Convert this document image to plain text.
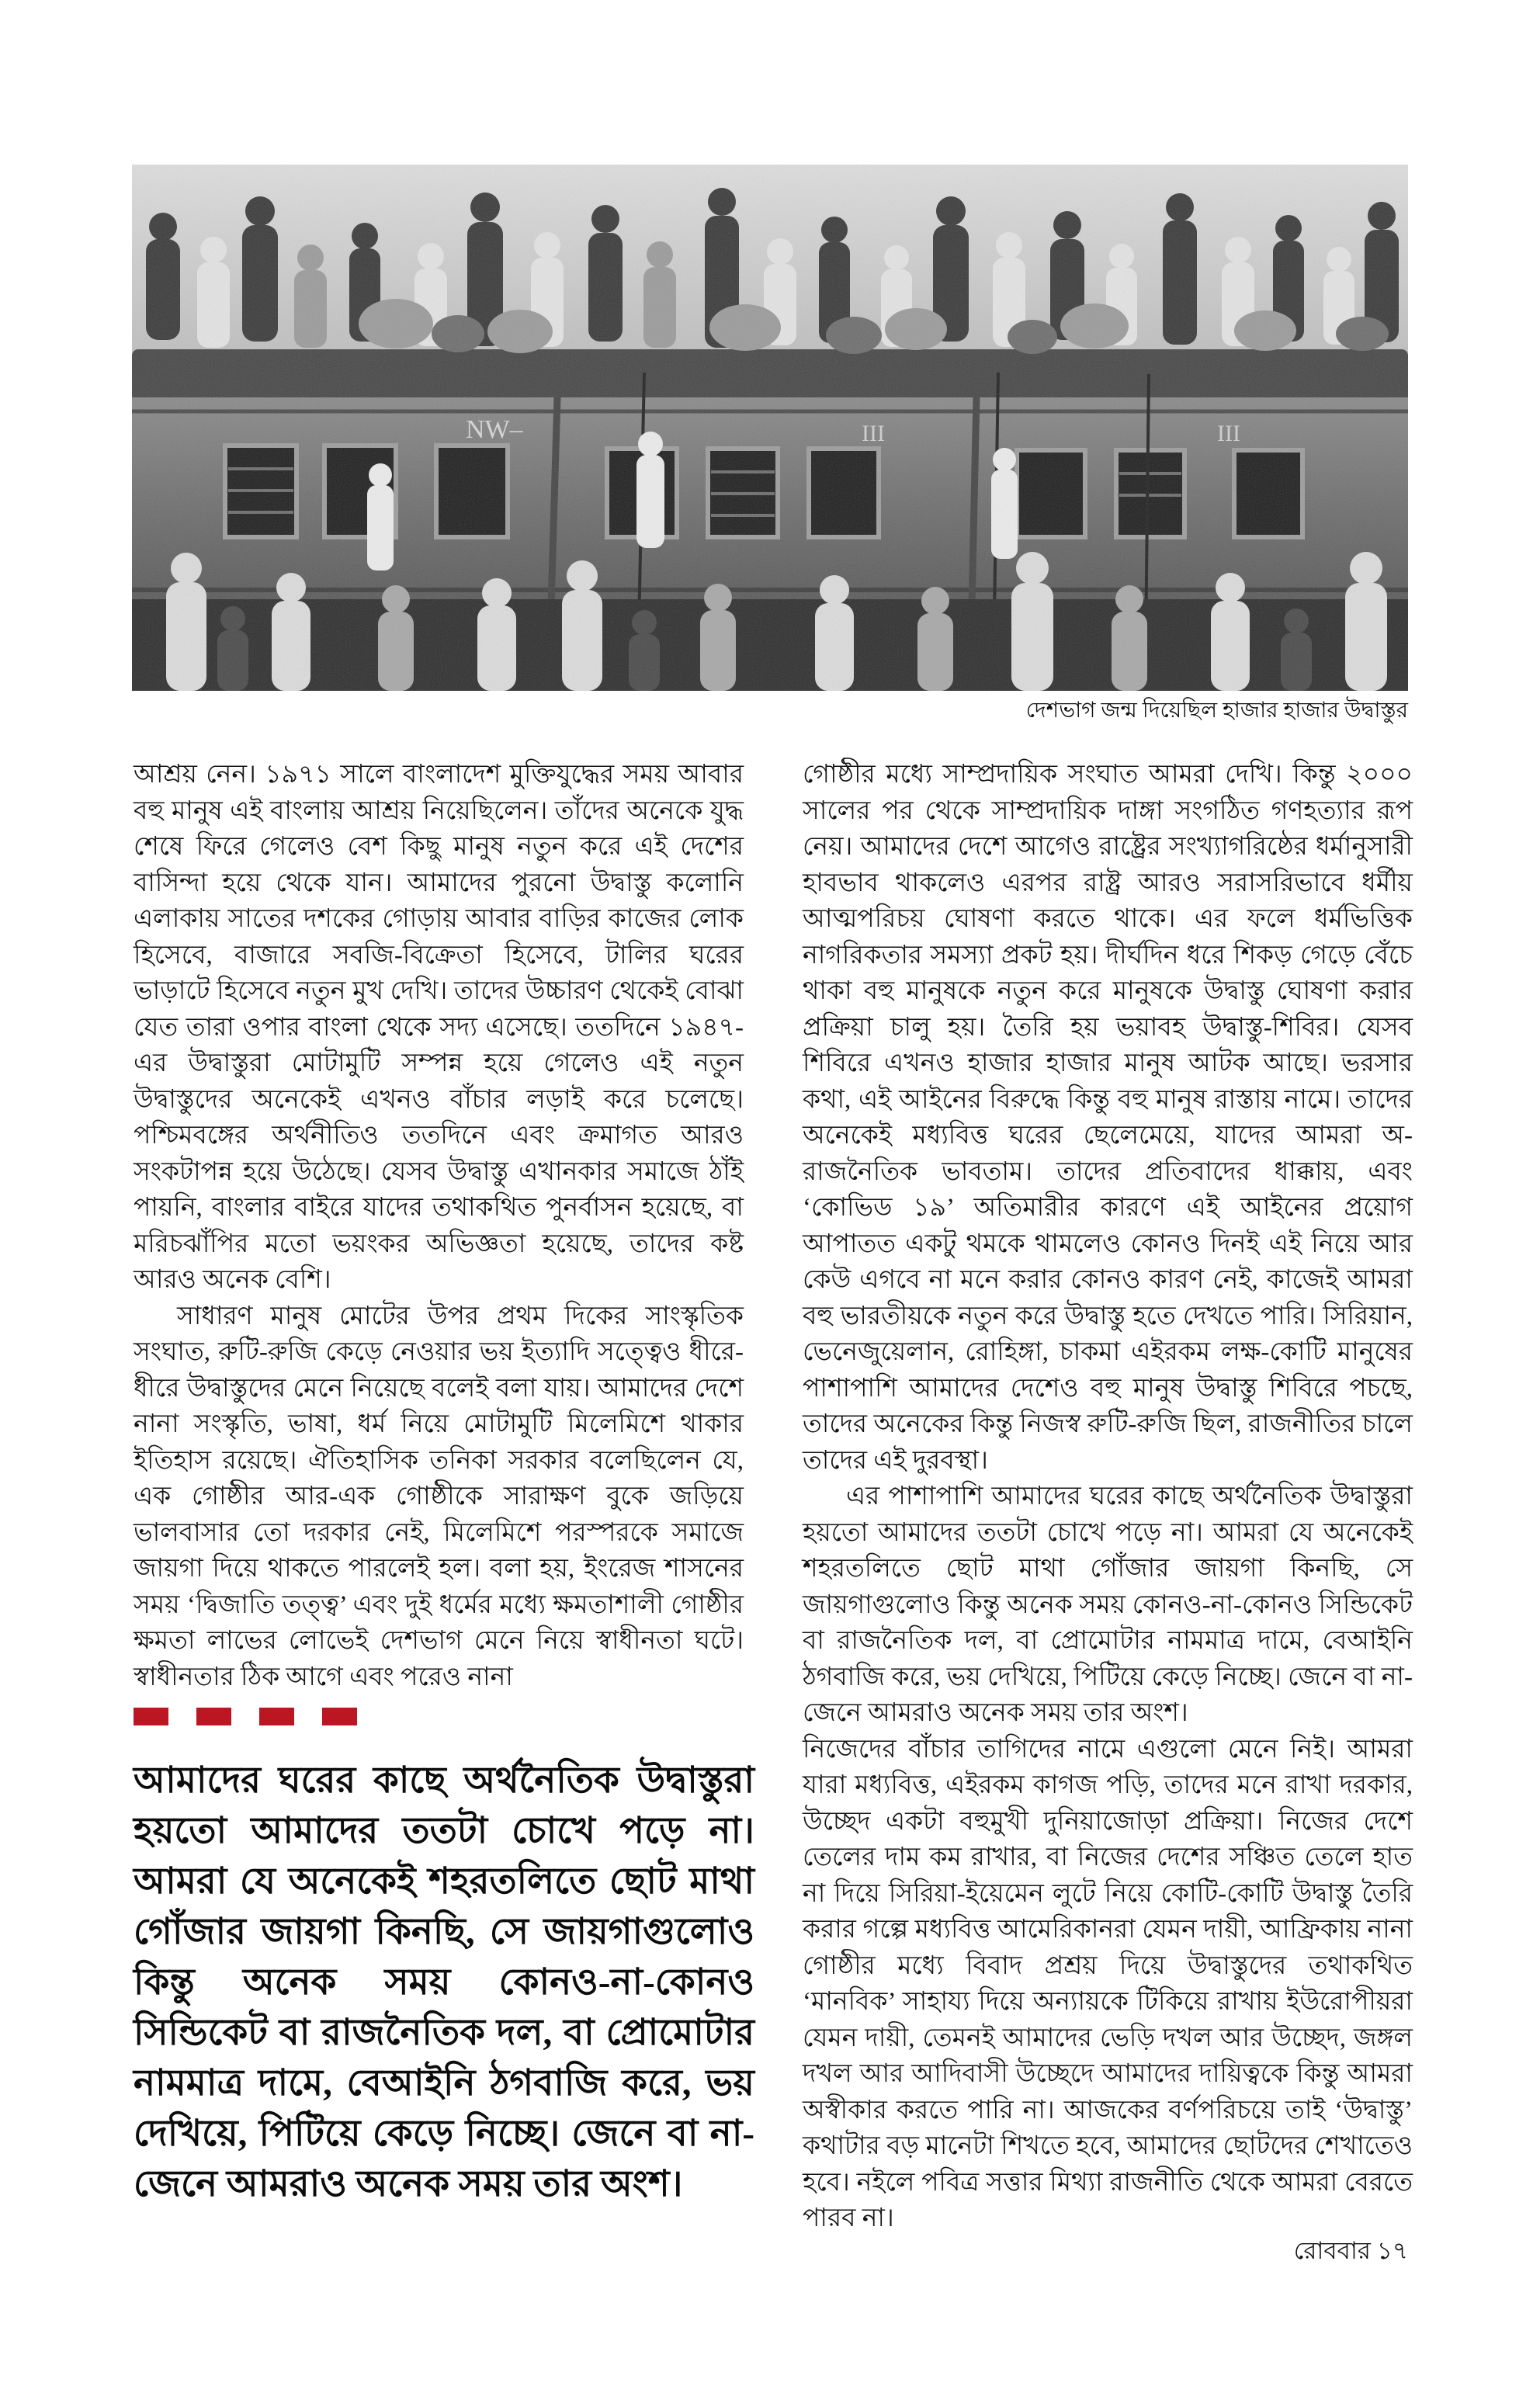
NW–	III	III
দেশভাগ জন্ম দিয়েছিল হাজার হাজার উদ্বাস্তুর

আশ্রয় নেন। ১৯৭১ সালে বাংলাদেশ মুক্তিযুদ্ধের সময় আবার বহু মানুষ এই বাংলায় আশ্রয় নিয়েছিলেন। তাঁদের অনেকে যুদ্ধ শেষে ফিরে গেলেও বেশ কিছু মানুষ নতুন করে এই দেশের বাসিন্দা হয়ে থেকে যান। আমাদের পুরনো উদ্বাস্তু কলোনি এলাকায় সাতের দশকের গোড়ায় আবার বাড়ির কাজের লোক হিসেবে, বাজারে সবজি-বিক্রেতা হিসেবে, টালির ঘরের ভাড়াটে হিসেবে নতুন মুখ দেখি। তাদের উচ্চারণ থেকেই বোঝা যেত তারা ওপার বাংলা থেকে সদ্য এসেছে। ততদিনে ১৯৪৭-এর উদ্বাস্তুরা মোটামুটি সম্পন্ন হয়ে গেলেও এই নতুন উদ্বাস্তুদের অনেকেই এখনও বাঁচার লড়াই করে চলেছে। পশ্চিমবঙ্গের অর্থনীতিও ততদিনে এবং ক্রমাগত আরও সংকটাপন্ন হয়ে উঠেছে। যেসব উদ্বাস্তু এখানকার সমাজে ঠাঁই পায়নি, বাংলার বাইরে যাদের তথাকথিত পুনর্বাসন হয়েছে, বা মরিচঝাঁপির মতো ভয়ংকর অভিজ্ঞতা হয়েছে, তাদের কষ্ট আরও অনেক বেশি।

সাধারণ মানুষ মোটের উপর প্রথম দিকের সাংস্কৃতিক সংঘাত, রুটি-রুজি কেড়ে নেওয়ার ভয় ইত্যাদি সত্ত্বেও ধীরে-ধীরে উদ্বাস্তুদের মেনে নিয়েছে বলেই বলা যায়। আমাদের দেশে নানা সংস্কৃতি, ভাষা, ধর্ম নিয়ে মোটামুটি মিলেমিশে থাকার ইতিহাস রয়েছে। ঐতিহাসিক তনিকা সরকার বলেছিলেন যে, এক গোষ্ঠীর আর-এক গোষ্ঠীকে সারাক্ষণ বুকে জড়িয়ে ভালবাসার তো দরকার নেই, মিলেমিশে পরস্পরকে সমাজে জায়গা দিয়ে থাকতে পারলেই হল। বলা হয়, ইংরেজ শাসনের সময় ‘দ্বিজাতি তত্ত্ব’ এবং দুই ধর্মের মধ্যে ক্ষমতাশালী গোষ্ঠীর ক্ষমতা লাভের লোভেই দেশভাগ মেনে নিয়ে স্বাধীনতা ঘটে। স্বাধীনতার ঠিক আগে এবং পরেও নানা

গোষ্ঠীর মধ্যে সাম্প্রদায়িক সংঘাত আমরা দেখি। কিন্তু ২০০০ সালের পর থেকে সাম্প্রদায়িক দাঙ্গা সংগঠিত গণহত্যার রূপ নেয়। আমাদের দেশে আগেও রাষ্ট্রের সংখ্যাগরিষ্ঠের ধর্মানুসারী হাবভাব থাকলেও এরপর রাষ্ট্র আরও সরাসরিভাবে ধর্মীয় আত্মপরিচয় ঘোষণা করতে থাকে। এর ফলে ধর্মভিত্তিক নাগরিকতার সমস্যা প্রকট হয়। দীর্ঘদিন ধরে শিকড় গেড়ে বেঁচে থাকা বহু মানুষকে নতুন করে মানুষকে উদ্বাস্তু ঘোষণা করার প্রক্রিয়া চালু হয়। তৈরি হয় ভয়াবহ উদ্বাস্তু-শিবির। যেসব শিবিরে এখনও হাজার হাজার মানুষ আটক আছে। ভরসার কথা, এই আইনের বিরুদ্ধে কিন্তু বহু মানুষ রাস্তায় নামে। তাদের অনেকেই মধ্যবিত্ত ঘরের ছেলেমেয়ে, যাদের আমরা অ-রাজনৈতিক ভাবতাম। তাদের প্রতিবাদের ধাক্কায়, এবং ‘কোভিড ১৯’ অতিমারীর কারণে এই আইনের প্রয়োগ আপাতত একটু থমকে থামলেও কোনও দিনই এই নিয়ে আর কেউ এগবে না মনে করার কোনও কারণ নেই, কাজেই আমরা বহু ভারতীয়কে নতুন করে উদ্বাস্তু হতে দেখতে পারি। সিরিয়ান, ভেনেজুয়েলান, রোহিঙ্গা, চাকমা এইরকম লক্ষ-কোটি মানুষের পাশাপাশি আমাদের দেশেও বহু মানুষ উদ্বাস্তু শিবিরে পচছে, তাদের অনেকের কিন্তু নিজস্ব রুটি-রুজি ছিল, রাজনীতির চালে তাদের এই দুরবস্থা।

এর পাশাপাশি আমাদের ঘরের কাছে অর্থনৈতিক উদ্বাস্তুরা হয়তো আমাদের ততটা চোখে পড়ে না। আমরা যে অনেকেই শহরতলিতে ছোট মাথা গোঁজার জায়গা কিনছি, সে জায়গাগুলোও কিন্তু অনেক সময় কোনও-না-কোনও সিন্ডিকেট বা রাজনৈতিক দল, বা প্রোমোটার নামমাত্র দামে, বেআইনি ঠগবাজি করে, ভয় দেখিয়ে, পিটিয়ে কেড়ে নিচ্ছে। জেনে বা না-জেনে আমরাও অনেক সময় তার অংশ।

নিজেদের বাঁচার তাগিদের নামে এগুলো মেনে নিই। আমরা যারা মধ্যবিত্ত, এইরকম কাগজ পড়ি, তাদের মনে রাখা দরকার, উচ্ছেদ একটা বহুমুখী দুনিয়াজোড়া প্রক্রিয়া। নিজের দেশে তেলের দাম কম রাখার, বা নিজের দেশের সঞ্চিত তেলে হাত না দিয়ে সিরিয়া-ইয়েমেন লুটে নিয়ে কোটি-কোটি উদ্বাস্তু তৈরি করার গল্পে মধ্যবিত্ত আমেরিকানরা যেমন দায়ী, আফ্রিকায় নানা গোষ্ঠীর মধ্যে বিবাদ প্রশ্রয় দিয়ে উদ্বাস্তুদের তথাকথিত ‘মানবিক’ সাহায্য দিয়ে অন্যায়কে টিকিয়ে রাখায় ইউরোপীয়রা যেমন দায়ী, তেমনই আমাদের ভেড়ি দখল আর উচ্ছেদ, জঙ্গল দখল আর আদিবাসী উচ্ছেদে আমাদের দায়িত্বকে কিন্তু আমরা অস্বীকার করতে পারি না। আজকের বর্ণপরিচয়ে তাই ‘উদ্বাস্তু’ কথাটার বড় মানেটা শিখতে হবে, আমাদের ছোটদের শেখাতেও হবে। নইলে পবিত্র সত্তার মিথ্যা রাজনীতি থেকে আমরা বেরতে পারব না।

আমাদের ঘরের কাছে অর্থনৈতিক উদ্বাস্তুরা হয়তো আমাদের ততটা চোখে পড়ে না। আমরা যে অনেকেই শহরতলিতে ছোট মাথা গোঁজার জায়গা কিনছি, সে জায়গাগুলোও কিন্তু অনেক সময় কোনও-না-কোনও সিন্ডিকেট বা রাজনৈতিক দল, বা প্রোমোটার নামমাত্র দামে, বেআইনি ঠগবাজি করে, ভয় দেখিয়ে, পিটিয়ে কেড়ে নিচ্ছে। জেনে বা না-জেনে আমরাও অনেক সময় তার অংশ।
রোববার ১৭
